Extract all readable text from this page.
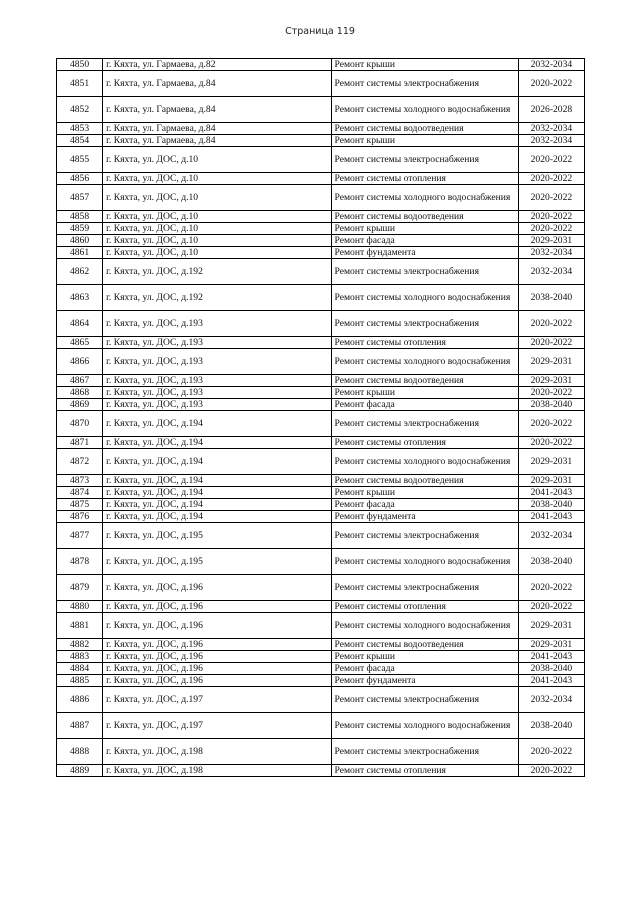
Страница 119
4850	г. Кяхта, ул. Гармаева, д.82	Ремонт крыши	2032-2034
4851	г. Кяхта, ул. Гармаева, д.84	Ремонт системы электроснабжения	2020-2022
4852	г. Кяхта, ул. Гармаева, д.84	Ремонт системы холодного водоснабжения	2026-2028
4853	г. Кяхта, ул. Гармаева, д.84	Ремонт системы водоотведения	2032-2034
4854	г. Кяхта, ул. Гармаева, д.84	Ремонт крыши	2032-2034
4855	г. Кяхта, ул. ДОС, д.10	Ремонт системы электроснабжения	2020-2022
4856	г. Кяхта, ул. ДОС, д.10	Ремонт системы отопления	2020-2022
4857	г. Кяхта, ул. ДОС, д.10	Ремонт системы холодного водоснабжения	2020-2022
4858	г. Кяхта, ул. ДОС, д.10	Ремонт системы водоотведения	2020-2022
4859	г. Кяхта, ул. ДОС, д.10	Ремонт крыши	2020-2022
4860	г. Кяхта, ул. ДОС, д.10	Ремонт фасада	2029-2031
4861	г. Кяхта, ул. ДОС, д.10	Ремонт фундамента	2032-2034
4862	г. Кяхта, ул. ДОС, д.192	Ремонт системы электроснабжения	2032-2034
4863	г. Кяхта, ул. ДОС, д.192	Ремонт системы холодного водоснабжения	2038-2040
4864	г. Кяхта, ул. ДОС, д.193	Ремонт системы электроснабжения	2020-2022
4865	г. Кяхта, ул. ДОС, д.193	Ремонт системы отопления	2020-2022
4866	г. Кяхта, ул. ДОС, д.193	Ремонт системы холодного водоснабжения	2029-2031
4867	г. Кяхта, ул. ДОС, д.193	Ремонт системы водоотведения	2029-2031
4868	г. Кяхта, ул. ДОС, д.193	Ремонт крыши	2020-2022
4869	г. Кяхта, ул. ДОС, д.193	Ремонт фасада	2038-2040
4870	г. Кяхта, ул. ДОС, д.194	Ремонт системы электроснабжения	2020-2022
4871	г. Кяхта, ул. ДОС, д.194	Ремонт системы отопления	2020-2022
4872	г. Кяхта, ул. ДОС, д.194	Ремонт системы холодного водоснабжения	2029-2031
4873	г. Кяхта, ул. ДОС, д.194	Ремонт системы водоотведения	2029-2031
4874	г. Кяхта, ул. ДОС, д.194	Ремонт крыши	2041-2043
4875	г. Кяхта, ул. ДОС, д.194	Ремонт фасада	2038-2040
4876	г. Кяхта, ул. ДОС, д.194	Ремонт фундамента	2041-2043
4877	г. Кяхта, ул. ДОС, д.195	Ремонт системы электроснабжения	2032-2034
4878	г. Кяхта, ул. ДОС, д.195	Ремонт системы холодного водоснабжения	2038-2040
4879	г. Кяхта, ул. ДОС, д.196	Ремонт системы электроснабжения	2020-2022
4880	г. Кяхта, ул. ДОС, д.196	Ремонт системы отопления	2020-2022
4881	г. Кяхта, ул. ДОС, д.196	Ремонт системы холодного водоснабжения	2029-2031
4882	г. Кяхта, ул. ДОС, д.196	Ремонт системы водоотведения	2029-2031
4883	г. Кяхта, ул. ДОС, д.196	Ремонт крыши	2041-2043
4884	г. Кяхта, ул. ДОС, д.196	Ремонт фасада	2038-2040
4885	г. Кяхта, ул. ДОС, д.196	Ремонт фундамента	2041-2043
4886	г. Кяхта, ул. ДОС, д.197	Ремонт системы электроснабжения	2032-2034
4887	г. Кяхта, ул. ДОС, д.197	Ремонт системы холодного водоснабжения	2038-2040
4888	г. Кяхта, ул. ДОС, д.198	Ремонт системы электроснабжения	2020-2022
4889	г. Кяхта, ул. ДОС, д.198	Ремонт системы отопления	2020-2022
